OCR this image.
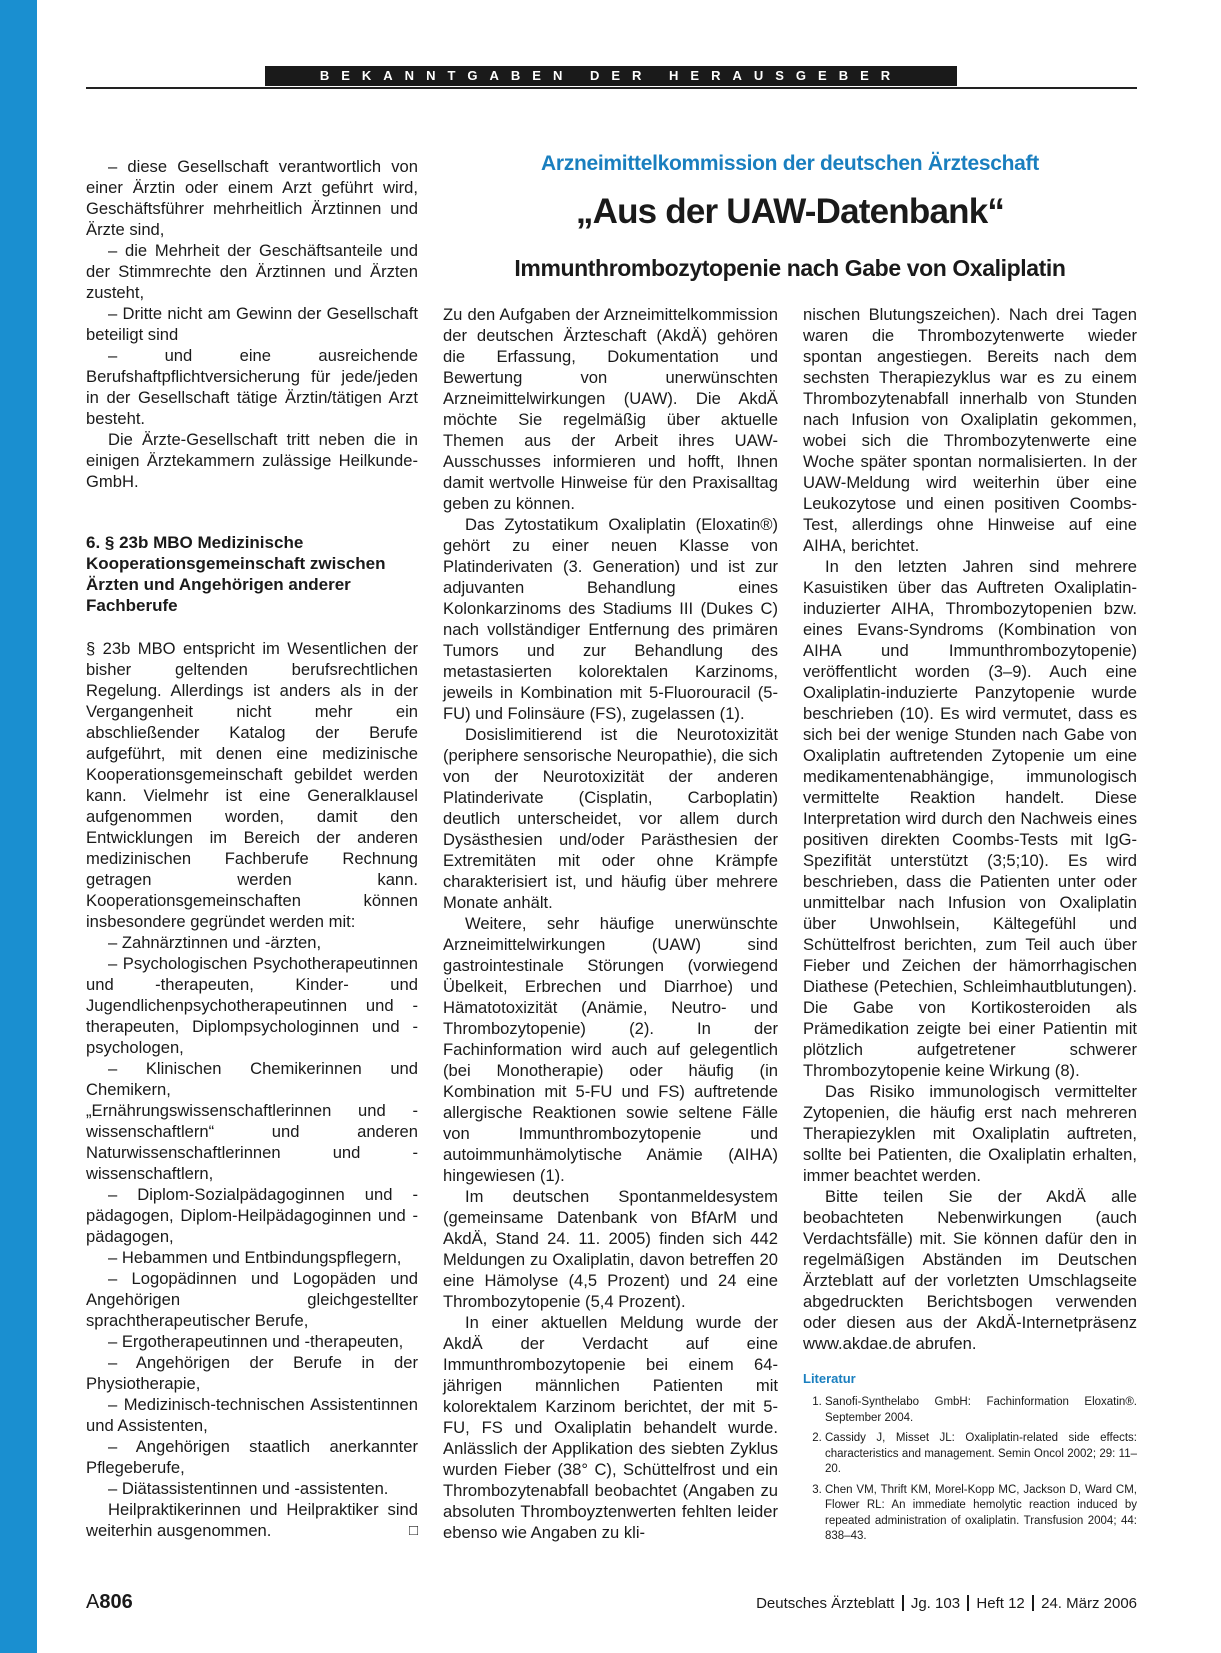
BEKANNTGABEN DER HERAUSGEBER

– diese Gesellschaft verantwortlich von einer Ärztin oder einem Arzt geführt wird, Geschäftsführer mehrheitlich Ärztinnen und Ärzte sind,

– die Mehrheit der Geschäftsanteile und der Stimmrechte den Ärztinnen und Ärzten zusteht,

– Dritte nicht am Gewinn der Gesellschaft beteiligt sind

– und eine ausreichende Berufshaftpflichtversicherung für jede/jeden in der Gesellschaft tätige Ärztin/tätigen Arzt besteht.

Die Ärzte-Gesellschaft tritt neben die in einigen Ärztekammern zulässige Heilkunde-GmbH.

6. § 23b MBO Medizinische Kooperationsgemeinschaft zwischen Ärzten und Angehörigen anderer Fachberufe

§ 23b MBO entspricht im Wesentlichen der bisher geltenden berufsrechtlichen Regelung. Allerdings ist anders als in der Vergangenheit nicht mehr ein abschließender Katalog der Berufe aufgeführt, mit denen eine medizinische Kooperationsgemeinschaft gebildet werden kann. Vielmehr ist eine Generalklausel aufgenommen worden, damit den Entwicklungen im Bereich der anderen medizinischen Fachberufe Rechnung getragen werden kann. Kooperationsgemeinschaften können insbesondere gegründet werden mit:

– Zahnärztinnen und -ärzten,

– Psychologischen Psychotherapeutinnen und -therapeuten, Kinder- und Jugendlichenpsychotherapeutinnen und -therapeuten, Diplompsychologinnen und -psychologen,

– Klinischen Chemikerinnen und Chemikern, „Ernährungswissenschaftlerinnen und -wissenschaftlern“ und anderen Naturwissenschaftlerinnen und -wissenschaftlern,

– Diplom-Sozialpädagoginnen und -pädagogen, Diplom-Heilpädagoginnen und -pädagogen,

– Hebammen und Entbindungspflegern,

– Logopädinnen und Logopäden und Angehörigen gleichgestellter sprachtherapeutischer Berufe,

– Ergotherapeutinnen und -therapeuten,

– Angehörigen der Berufe in der Physiotherapie,

– Medizinisch-technischen Assistentinnen und Assistenten,

– Angehörigen staatlich anerkannter Pflegeberufe,

– Diätassistentinnen und -assistenten.

Heilpraktikerinnen und Heilpraktiker sind weiterhin ausgenommen.	□

Arzneimittelkommission der deutschen Ärzteschaft
„Aus der UAW-Datenbank“
Immunthrombozytopenie nach Gabe von Oxaliplatin

Zu den Aufgaben der Arzneimittelkommission der deutschen Ärzteschaft (AkdÄ) gehören die Erfassung, Dokumentation und Bewertung von unerwünschten Arzneimittelwirkungen (UAW). Die AkdÄ möchte Sie regelmäßig über aktuelle Themen aus der Arbeit ihres UAW-Ausschusses informieren und hofft, Ihnen damit wertvolle Hinweise für den Praxisalltag geben zu können.

Das Zytostatikum Oxaliplatin (Eloxatin®) gehört zu einer neuen Klasse von Platinderivaten (3. Generation) und ist zur adjuvanten Behandlung eines Kolonkarzinoms des Stadiums III (Dukes C) nach vollständiger Entfernung des primären Tumors und zur Behandlung des metastasierten kolorektalen Karzinoms, jeweils in Kombination mit 5-Fluorouracil (5-FU) und Folinsäure (FS), zugelassen (1).

Dosislimitierend ist die Neurotoxizität (periphere sensorische Neuropathie), die sich von der Neurotoxizität der anderen Platinderivate (Cisplatin, Carboplatin) deutlich unterscheidet, vor allem durch Dysästhesien und/oder Parästhesien der Extremitäten mit oder ohne Krämpfe charakterisiert ist, und häufig über mehrere Monate anhält.

Weitere, sehr häufige unerwünschte Arzneimittelwirkungen (UAW) sind gastrointestinale Störungen (vorwiegend Übelkeit, Erbrechen und Diarrhoe) und Hämatotoxizität (Anämie, Neutro- und Thrombozytopenie) (2). In der Fachinformation wird auch auf gelegentlich (bei Monotherapie) oder häufig (in Kombination mit 5-FU und FS) auftretende allergische Reaktionen sowie seltene Fälle von Immunthrombozytopenie und autoimmunhämolytische Anämie (AIHA) hingewiesen (1).

Im deutschen Spontanmeldesystem (gemeinsame Datenbank von BfArM und AkdÄ, Stand 24. 11. 2005) finden sich 442 Meldungen zu Oxaliplatin, davon betreffen 20 eine Hämolyse (4,5 Prozent) und 24 eine Thrombozytopenie (5,4 Prozent).

In einer aktuellen Meldung wurde der AkdÄ der Verdacht auf eine Immunthrombozytopenie bei einem 64-jährigen männlichen Patienten mit kolorektalem Karzinom berichtet, der mit 5-FU, FS und Oxaliplatin behandelt wurde. Anlässlich der Applikation des siebten Zyklus wurden Fieber (38° C), Schüttelfrost und ein Thrombozytenabfall beobachtet (Angaben zu absoluten Thromboyztenwerten fehlten leider ebenso wie Angaben zu kli-

nischen Blutungszeichen). Nach drei Tagen waren die Thrombozytenwerte wieder spontan angestiegen. Bereits nach dem sechsten Therapiezyklus war es zu einem Thrombozytenabfall innerhalb von Stunden nach Infusion von Oxaliplatin gekommen, wobei sich die Thrombozytenwerte eine Woche später spontan normalisierten. In der UAW-Meldung wird weiterhin über eine Leukozytose und einen positiven Coombs-Test, allerdings ohne Hinweise auf eine AIHA, berichtet.

In den letzten Jahren sind mehrere Kasuistiken über das Auftreten Oxaliplatin-induzierter AIHA, Thrombozytopenien bzw. eines Evans-Syndroms (Kombination von AIHA und Immunthrombozytopenie) veröffentlicht worden (3–9). Auch eine Oxaliplatin-induzierte Panzytopenie wurde beschrieben (10). Es wird vermutet, dass es sich bei der wenige Stunden nach Gabe von Oxaliplatin auftretenden Zytopenie um eine medikamentenabhängige, immunologisch vermittelte Reaktion handelt. Diese Interpretation wird durch den Nachweis eines positiven direkten Coombs-Tests mit IgG-Spezifität unterstützt (3;5;10). Es wird beschrieben, dass die Patienten unter oder unmittelbar nach Infusion von Oxaliplatin über Unwohlsein, Kältegefühl und Schüttelfrost berichten, zum Teil auch über Fieber und Zeichen der hämorrhagischen Diathese (Petechien, Schleimhautblutungen). Die Gabe von Kortikosteroiden als Prämedikation zeigte bei einer Patientin mit plötzlich aufgetretener schwerer Thrombozytopenie keine Wirkung (8).

Das Risiko immunologisch vermittelter Zytopenien, die häufig erst nach mehreren Therapiezyklen mit Oxaliplatin auftreten, sollte bei Patienten, die Oxaliplatin erhalten, immer beachtet werden.

Bitte teilen Sie der AkdÄ alle beobachteten Nebenwirkungen (auch Verdachtsfälle) mit. Sie können dafür den in regelmäßigen Abständen im Deutschen Ärzteblatt auf der vorletzten Umschlagseite abgedruckten Berichtsbogen verwenden oder diesen aus der AkdÄ-Internetpräsenz www.akdae.de abrufen.

Literatur

1. Sanofi-Synthelabo GmbH: Fachinformation Eloxatin®. September 2004.
2. Cassidy J, Misset JL: Oxaliplatin-related side effects: characteristics and management. Semin Oncol 2002; 29: 11–20.
3. Chen VM, Thrift KM, Morel-Kopp MC, Jackson D, Ward CM, Flower RL: An immediate hemolytic reaction induced by repeated administration of oxaliplatin. Transfusion 2004; 44: 838–43.
A806	Deutsches Ärzteblatt Jg. 103 Heft 12 24. März 2006
